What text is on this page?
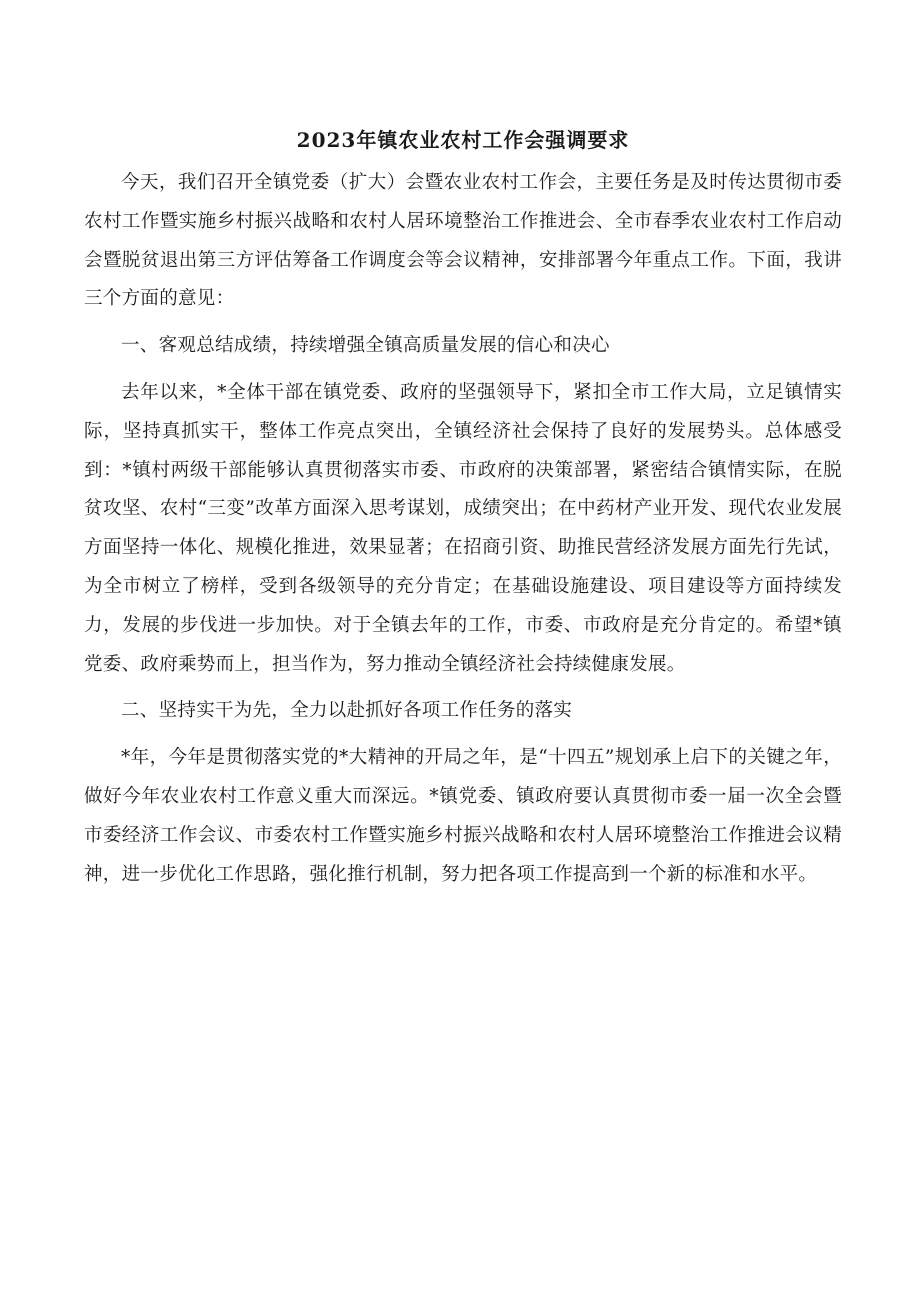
2023年镇农业农村工作会强调要求

今天，我们召开全镇党委（扩大）会暨农业农村工作会，主要任务是及时传达贯彻市委农村工作暨实施乡村振兴战略和农村人居环境整治工作推进会、全市春季农业农村工作启动会暨脱贫退出第三方评估筹备工作调度会等会议精神，安排部署今年重点工作。下面，我讲三个方面的意见：

一、客观总结成绩，持续增强全镇高质量发展的信心和决心

去年以来，*全体干部在镇党委、政府的坚强领导下，紧扣全市工作大局，立足镇情实际，坚持真抓实干，整体工作亮点突出，全镇经济社会保持了良好的发展势头。总体感受到：*镇村两级干部能够认真贯彻落实市委、市政府的决策部署，紧密结合镇情实际，在脱贫攻坚、农村“三变”改革方面深入思考谋划，成绩突出；在中药材产业开发、现代农业发展方面坚持一体化、规模化推进，效果显著；在招商引资、助推民营经济发展方面先行先试，为全市树立了榜样，受到各级领导的充分肯定；在基础设施建设、项目建设等方面持续发力，发展的步伐进一步加快。对于全镇去年的工作，市委、市政府是充分肯定的。希望*镇党委、政府乘势而上，担当作为，努力推动全镇经济社会持续健康发展。

二、坚持实干为先，全力以赴抓好各项工作任务的落实

*年，今年是贯彻落实党的*大精神的开局之年，是“十四五”规划承上启下的关键之年，做好今年农业农村工作意义重大而深远。*镇党委、镇政府要认真贯彻市委一届一次全会暨市委经济工作会议、市委农村工作暨实施乡村振兴战略和农村人居环境整治工作推进会议精神，进一步优化工作思路，强化推行机制，努力把各项工作提高到一个新的标准和水平。
